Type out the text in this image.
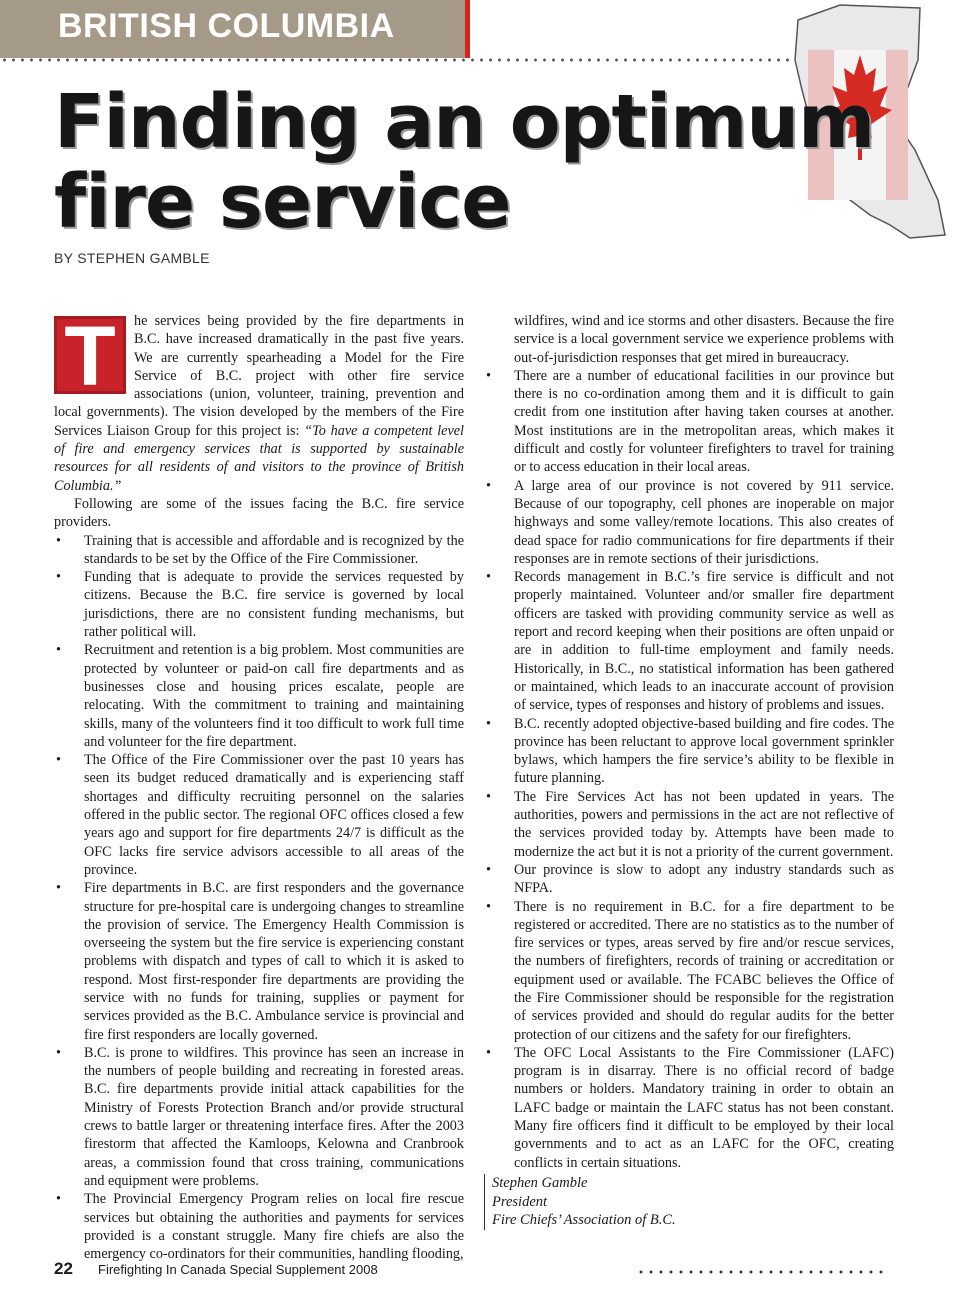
BRITISH COLUMBIA
Finding an optimum fire service
BY STEPHEN GAMBLE

T	he services being provided by the fire departments in B.C. have increased dramatically in the past five years. We are currently spearheading a Model for the Fire Service of B.C. project with other fire service associations (union, volunteer, training, prevention and local governments). The vision developed by the members of the Fire Services Liaison Group for this project is: “To have a competent level of fire and emergency services that is supported by sustainable resources for all residents of and visitors to the province of British Columbia.”

Following are some of the issues facing the B.C. fire service providers.

• Training that is accessible and affordable and is recognized by the standards to be set by the Office of the Fire Commissioner.
• Funding that is adequate to provide the services requested by citizens. Because the B.C. fire service is governed by local jurisdictions, there are no consistent funding mechanisms, but rather political will.
• Recruitment and retention is a big problem. Most communities are protected by volunteer or paid-on call fire departments and as businesses close and housing prices escalate, people are relocating. With the commitment to training and maintaining skills, many of the volunteers find it too difficult to work full time and volunteer for the fire department.
• The Office of the Fire Commissioner over the past 10 years has seen its budget reduced dramatically and is experiencing staff shortages and difficulty recruiting personnel on the salaries offered in the public sector. The regional OFC offices closed a few years ago and support for fire departments 24/7 is difficult as the OFC lacks fire service advisors accessible to all areas of the province.
• Fire departments in B.C. are first responders and the governance structure for pre-hospital care is undergoing changes to streamline the provision of service. The Emergency Health Commission is overseeing the system but the fire service is experiencing constant problems with dispatch and types of call to which it is asked to respond. Most first-responder fire departments are providing the service with no funds for training, supplies or payment for services provided as the B.C. Ambulance service is provincial and fire first responders are locally governed.
• B.C. is prone to wildfires. This province has seen an increase in the numbers of people building and recreating in forested areas. B.C. fire departments provide initial attack capabilities for the Ministry of Forests Protection Branch and/or provide structural crews to battle larger or threatening interface fires. After the 2003 firestorm that affected the Kamloops, Kelowna and Cranbrook areas, a commission found that cross training, communications and equipment were problems.
• The Provincial Emergency Program relies on local fire rescue services but obtaining the authorities and payments for services provided is a constant struggle. Many fire chiefs are also the emergency co-ordinators for their communities, handling flooding,
wildfires, wind and ice storms and other disasters. Because the fire service is a local government service we experience problems with out-of-jurisdiction responses that get mired in bureaucracy.
• There are a number of educational facilities in our province but there is no co-ordination among them and it is difficult to gain credit from one institution after having taken courses at another. Most institutions are in the metropolitan areas, which makes it difficult and costly for volunteer firefighters to travel for training or to access education in their local areas.
• A large area of our province is not covered by 911 service. Because of our topography, cell phones are inoperable on major highways and some valley/remote locations. This also creates of dead space for radio communications for fire departments if their responses are in remote sections of their jurisdictions.
• Records management in B.C.’s fire service is difficult and not properly maintained. Volunteer and/or smaller fire department officers are tasked with providing community service as well as report and record keeping when their positions are often unpaid or are in addition to full-time employment and family needs. Historically, in B.C., no statistical information has been gathered or maintained, which leads to an inaccurate account of provision of service, types of responses and history of problems and issues.
• B.C. recently adopted objective-based building and fire codes. The province has been reluctant to approve local government sprinkler bylaws, which hampers the fire service’s ability to be flexible in future planning.
• The Fire Services Act has not been updated in years. The authorities, powers and permissions in the act are not reflective of the services provided today by. Attempts have been made to modernize the act but it is not a priority of the current government.
• Our province is slow to adopt any industry standards such as NFPA.
• There is no requirement in B.C. for a fire department to be registered or accredited. There are no statistics as to the number of fire services or types, areas served by fire and/or rescue services, the numbers of firefighters, records of training or accreditation or equipment used or available. The FCABC believes the Office of the Fire Commissioner should be responsible for the registration of services provided and should do regular audits for the better protection of our citizens and the safety for our firefighters.
• The OFC Local Assistants to the Fire Commissioner (LAFC) program is in disarray. There is no official record of badge numbers or holders. Mandatory training in order to obtain an LAFC badge or maintain the LAFC status has not been constant. Many fire officers find it difficult to be employed by their local governments and to act as an LAFC for the OFC, creating conflicts in certain situations.
Stephen Gamble
President
Fire Chiefs’ Association of B.C.
22 Firefighting In Canada Special Supplement 2008
